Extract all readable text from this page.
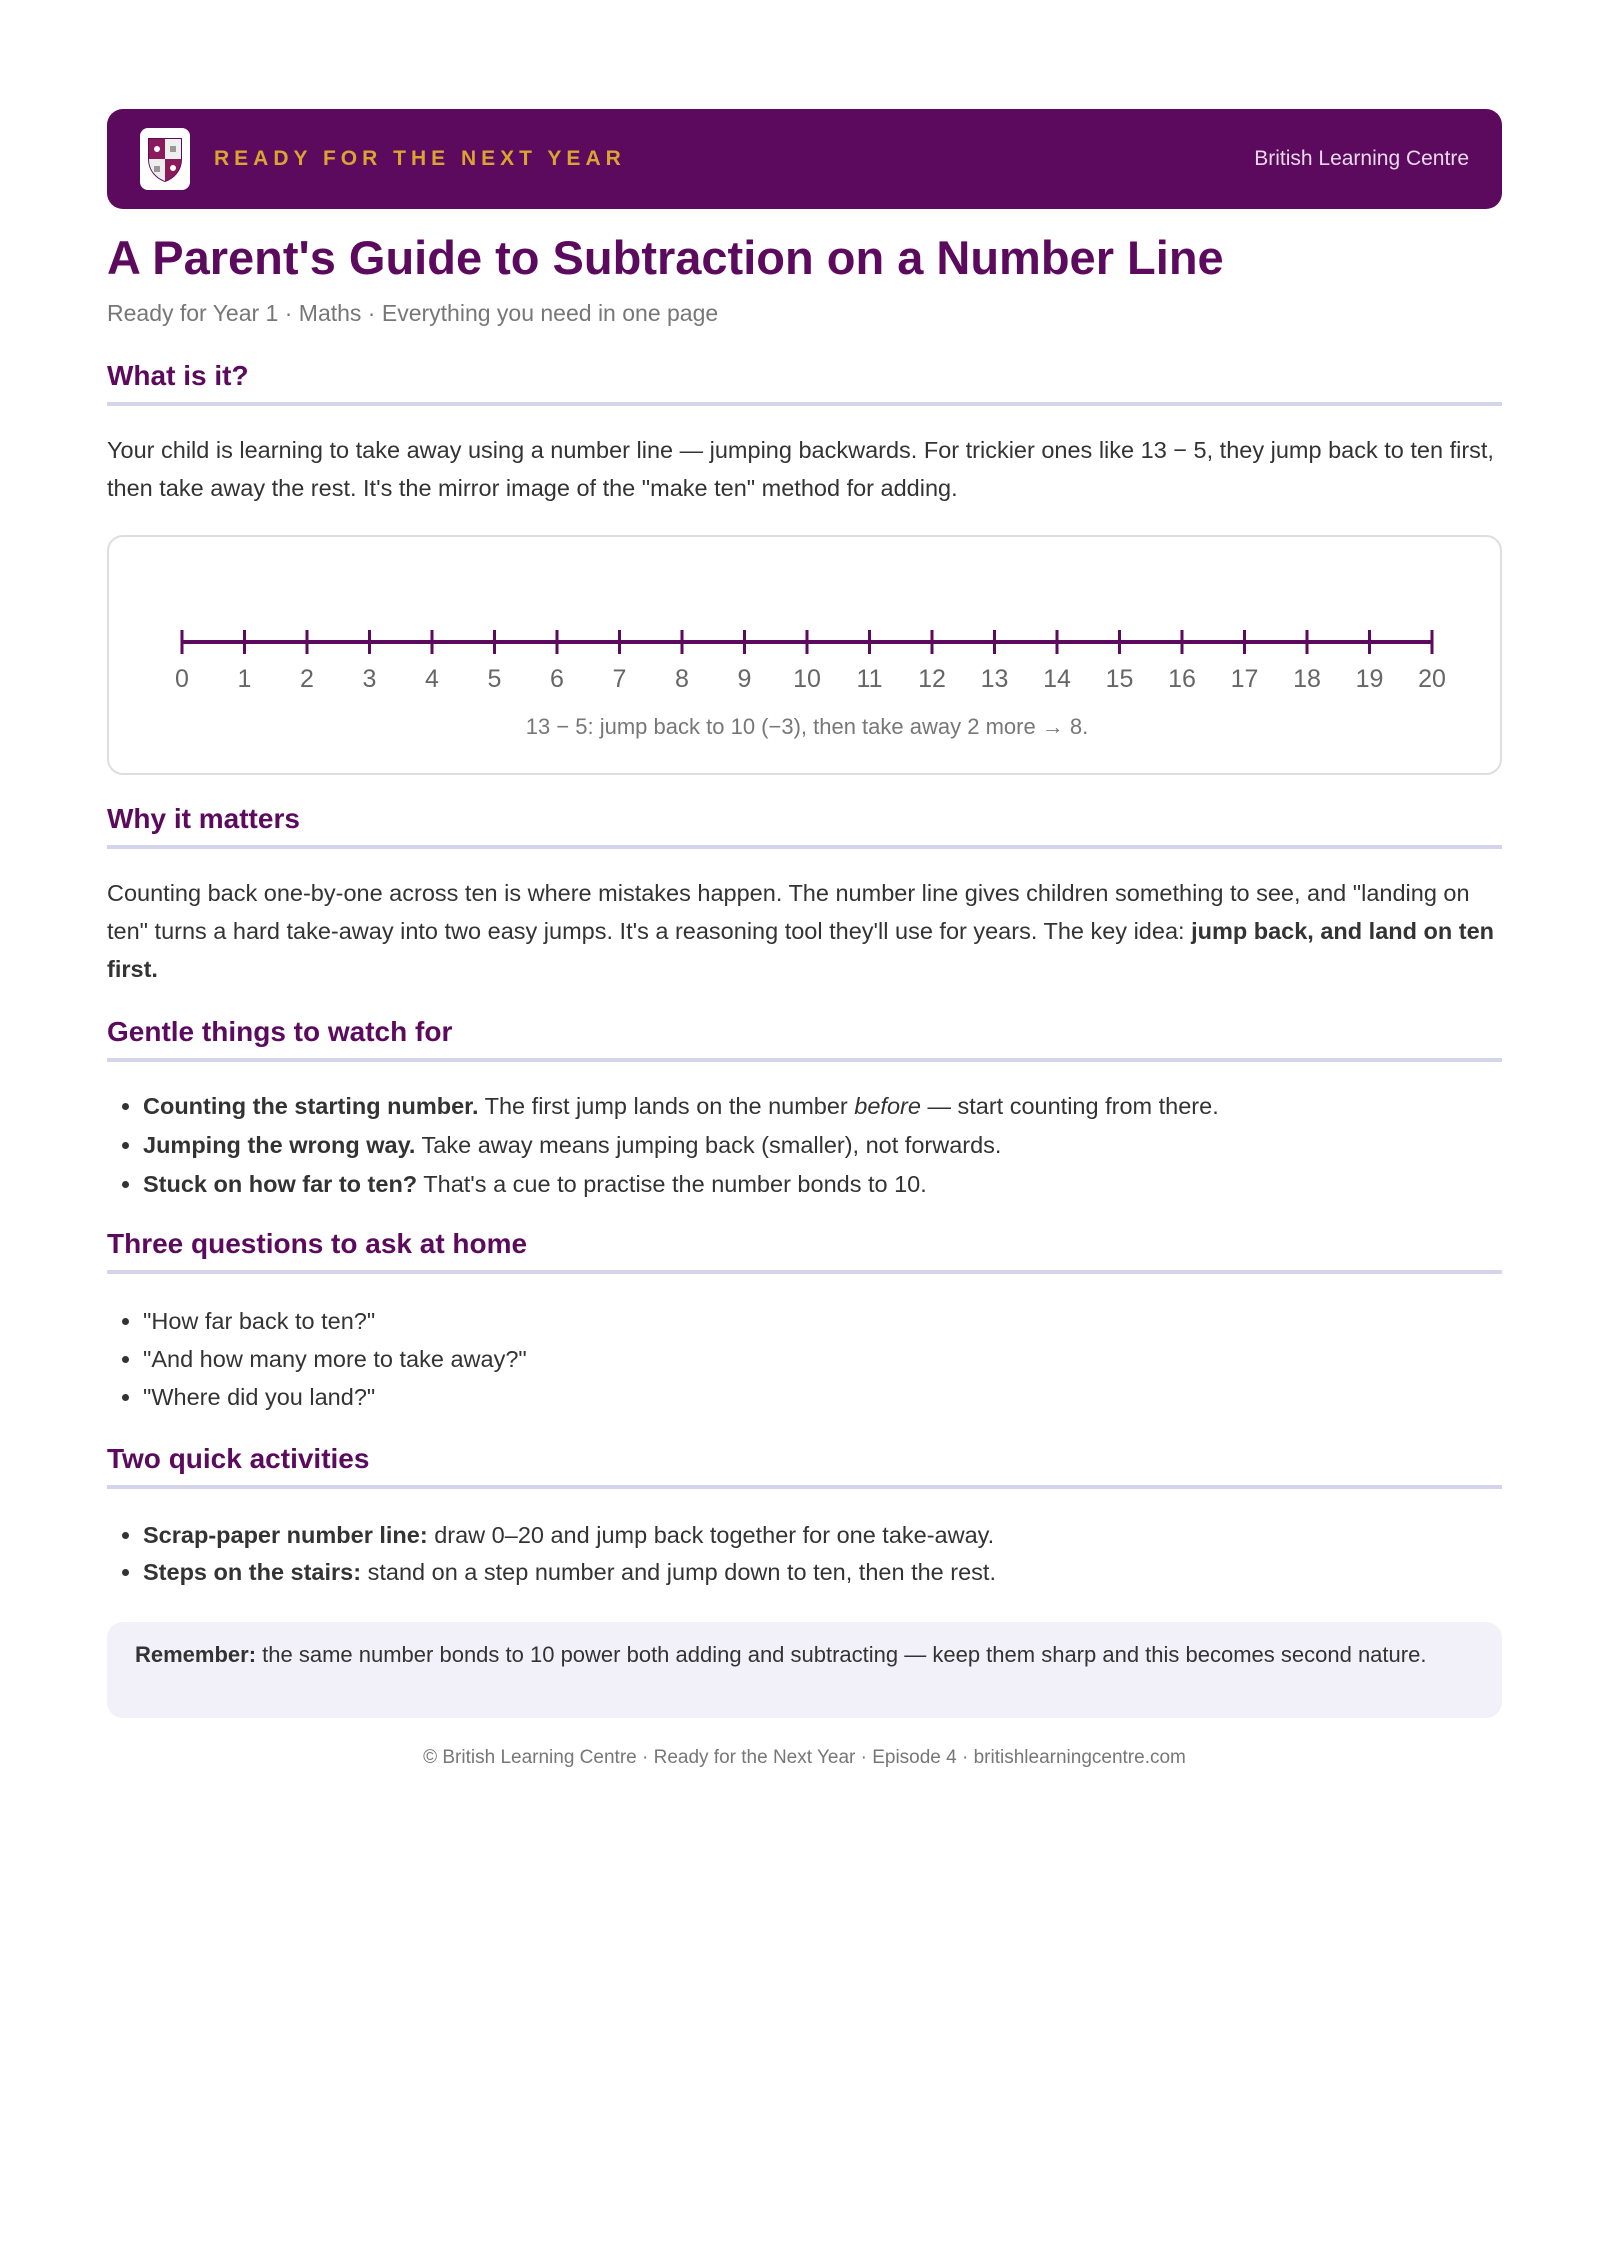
READY FOR THE NEXT YEAR	British Learning Centre
A Parent's Guide to Subtraction on a Number Line
Ready for Year 1 · Maths · Everything you need in one page
What is it?

Your child is learning to take away using a number line — jumping backwards. For trickier ones like 13 − 5, they jump back to ten first, then take away the rest. It's the mirror image of the "make ten" method for adding.

0 1 2 3 4 5 6 7 8 9 10 11 12 13 14 15 16 17 18 19 20
13 − 5: jump back to 10 (−3), then take away 2 more → 8.
Why it matters

Counting back one-by-one across ten is where mistakes happen. The number line gives children something to see, and "landing on ten" turns a hard take-away into two easy jumps. It's a reasoning tool they'll use for years. The key idea: jump back, and land on ten first.

Gentle things to watch for
• Counting the starting number. The first jump lands on the number before — start counting from there.
• Jumping the wrong way. Take away means jumping back (smaller), not forwards.
• Stuck on how far to ten? That's a cue to practise the number bonds to 10.
Three questions to ask at home
• "How far back to ten?"
• "And how many more to take away?"
• "Where did you land?"
Two quick activities
• Scrap-paper number line: draw 0–20 and jump back together for one take-away.
• Steps on the stairs: stand on a step number and jump down to ten, then the rest.
Remember: the same number bonds to 10 power both adding and subtracting — keep them sharp and this becomes second nature.
© British Learning Centre · Ready for the Next Year · Episode 4 · britishlearningcentre.com
